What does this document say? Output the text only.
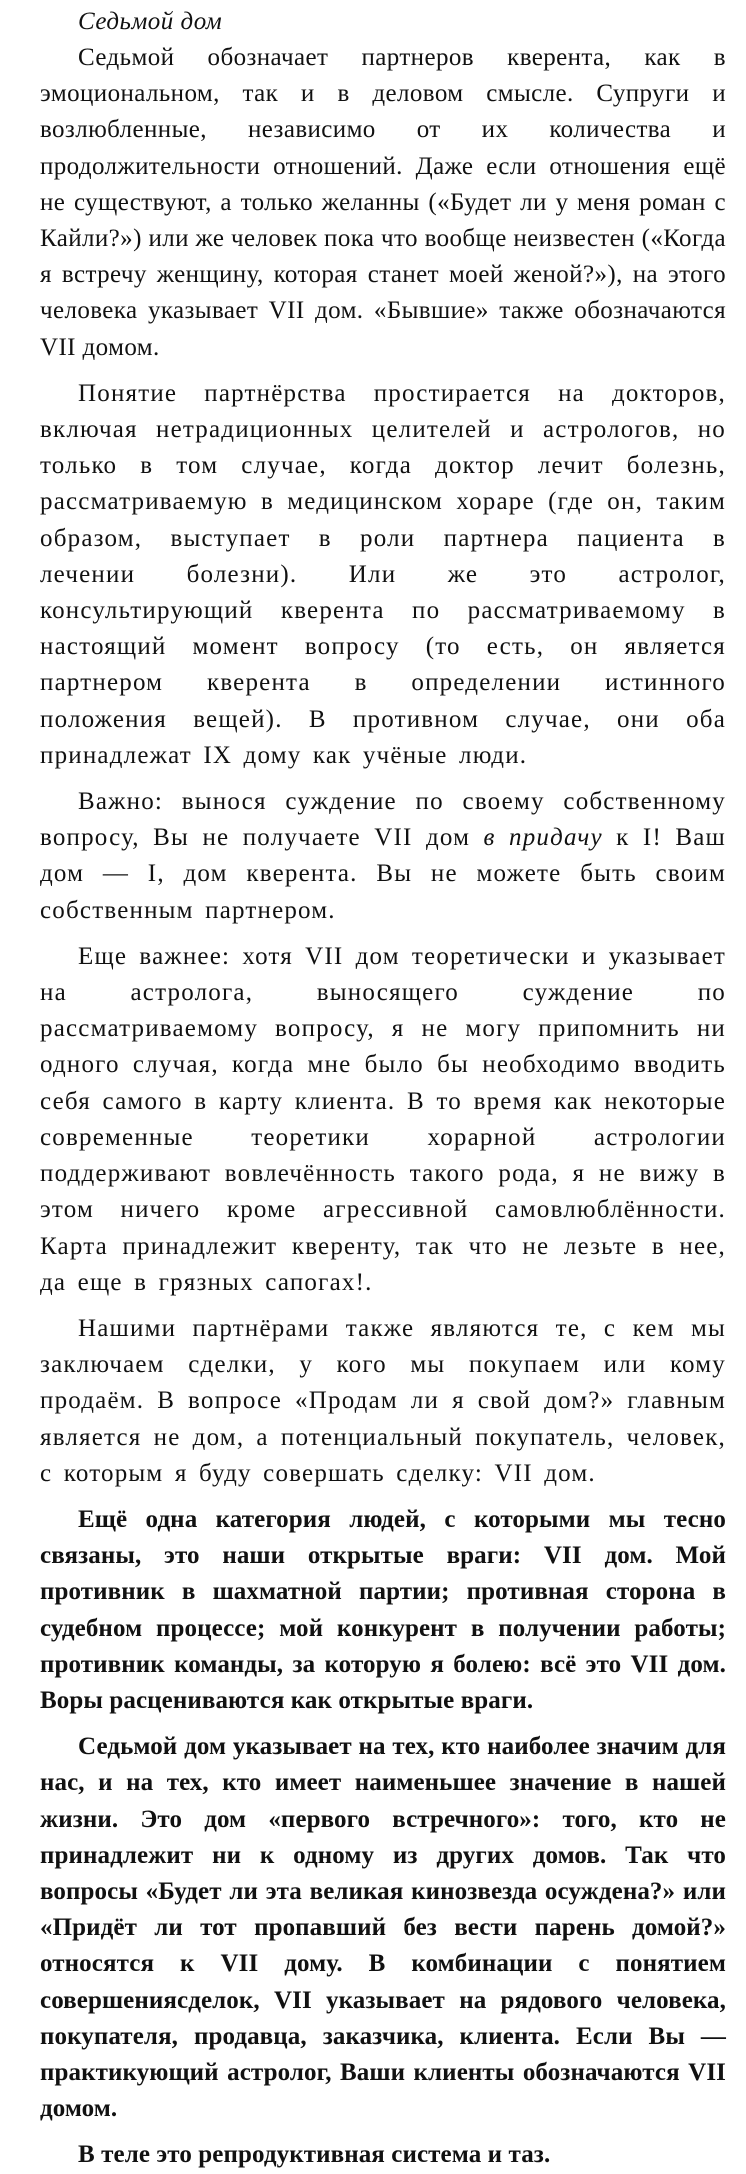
Седьмой дом

Седьмой обозначает партнеров кверента, как в эмоциональном, так и в деловом смысле. Супруги и возлюбленные, независимо от их количества и продолжительности отношений. Даже если отношения ещё не существуют, а только желанны («Будет ли у меня роман с Кайли?») или же человек пока что вообще неизвестен («Когда я встречу женщину, которая станет моей женой?»), на этого человека указывает VII дом. «Бывшие» также обозначаются VII домом.

Понятие партнёрства простирается на докторов, включая нетрадиционных целителей и астрологов, но только в том случае, когда доктор лечит болезнь, рассматриваемую в медицинском хораре (где он, таким образом, выступает в роли партнера пациента в лечении болезни). Или же это астролог, консультирующий кверента по рассматриваемому в настоящий момент вопросу (то есть, он является партнером кверента в определении истинного положения вещей). В противном случае, они оба принадлежат IX дому как учёные люди.

Важно: вынося суждение по своему собственному вопросу, Вы не получаете VII дом в придачу к I! Ваш дом — I, дом кверента. Вы не можете быть своим собственным партнером.

Еще важнее: хотя VII дом теоретически и указывает на астролога, выносящего суждение по рассматриваемому вопросу, я не могу припомнить ни одного случая, когда мне было бы необходимо вводить себя самого в карту клиента. В то время как некоторые современные теоретики хорарной астрологии поддерживают вовлечённость такого рода, я не вижу в этом ничего кроме агрессивной самовлюблённости. Карта принадлежит кверенту, так что не лезьте в нее, да еще в грязных сапогах!.

Нашими партнёрами также являются те, с кем мы заключаем сделки, у кого мы покупаем или кому продаём. В вопросе «Продам ли я свой дом?» главным является не дом, а потенциальный покупатель, человек, с которым я буду совершать сделку: VII дом.

Ещё одна категория людей, с которыми мы тесно связаны, это наши открытые враги: VII дом. Мой противник в шахматной партии; противная сторона в судебном процессе; мой конкурент в получении работы; противник команды, за которую я болею: всё это VII дом. Воры расцениваются как открытые враги.

Седьмой дом указывает на тех, кто наиболее значим для нас, и на тех, кто имеет наименьшее значение в нашей жизни. Это дом «первого встречного»: того, кто не принадлежит ни к одному из других домов. Так что вопросы «Будет ли эта великая кинозвезда осуждена?» или «Придёт ли тот пропавший без вести парень домой?» относятся к VII дому. В комбинации с понятием совершениясделок, VII указывает на рядового человека, покупателя, продавца, заказчика, клиента. Если Вы — практикующий астролог, Ваши клиенты обозначаются VII домом.

В теле это репродуктивная система и таз.
